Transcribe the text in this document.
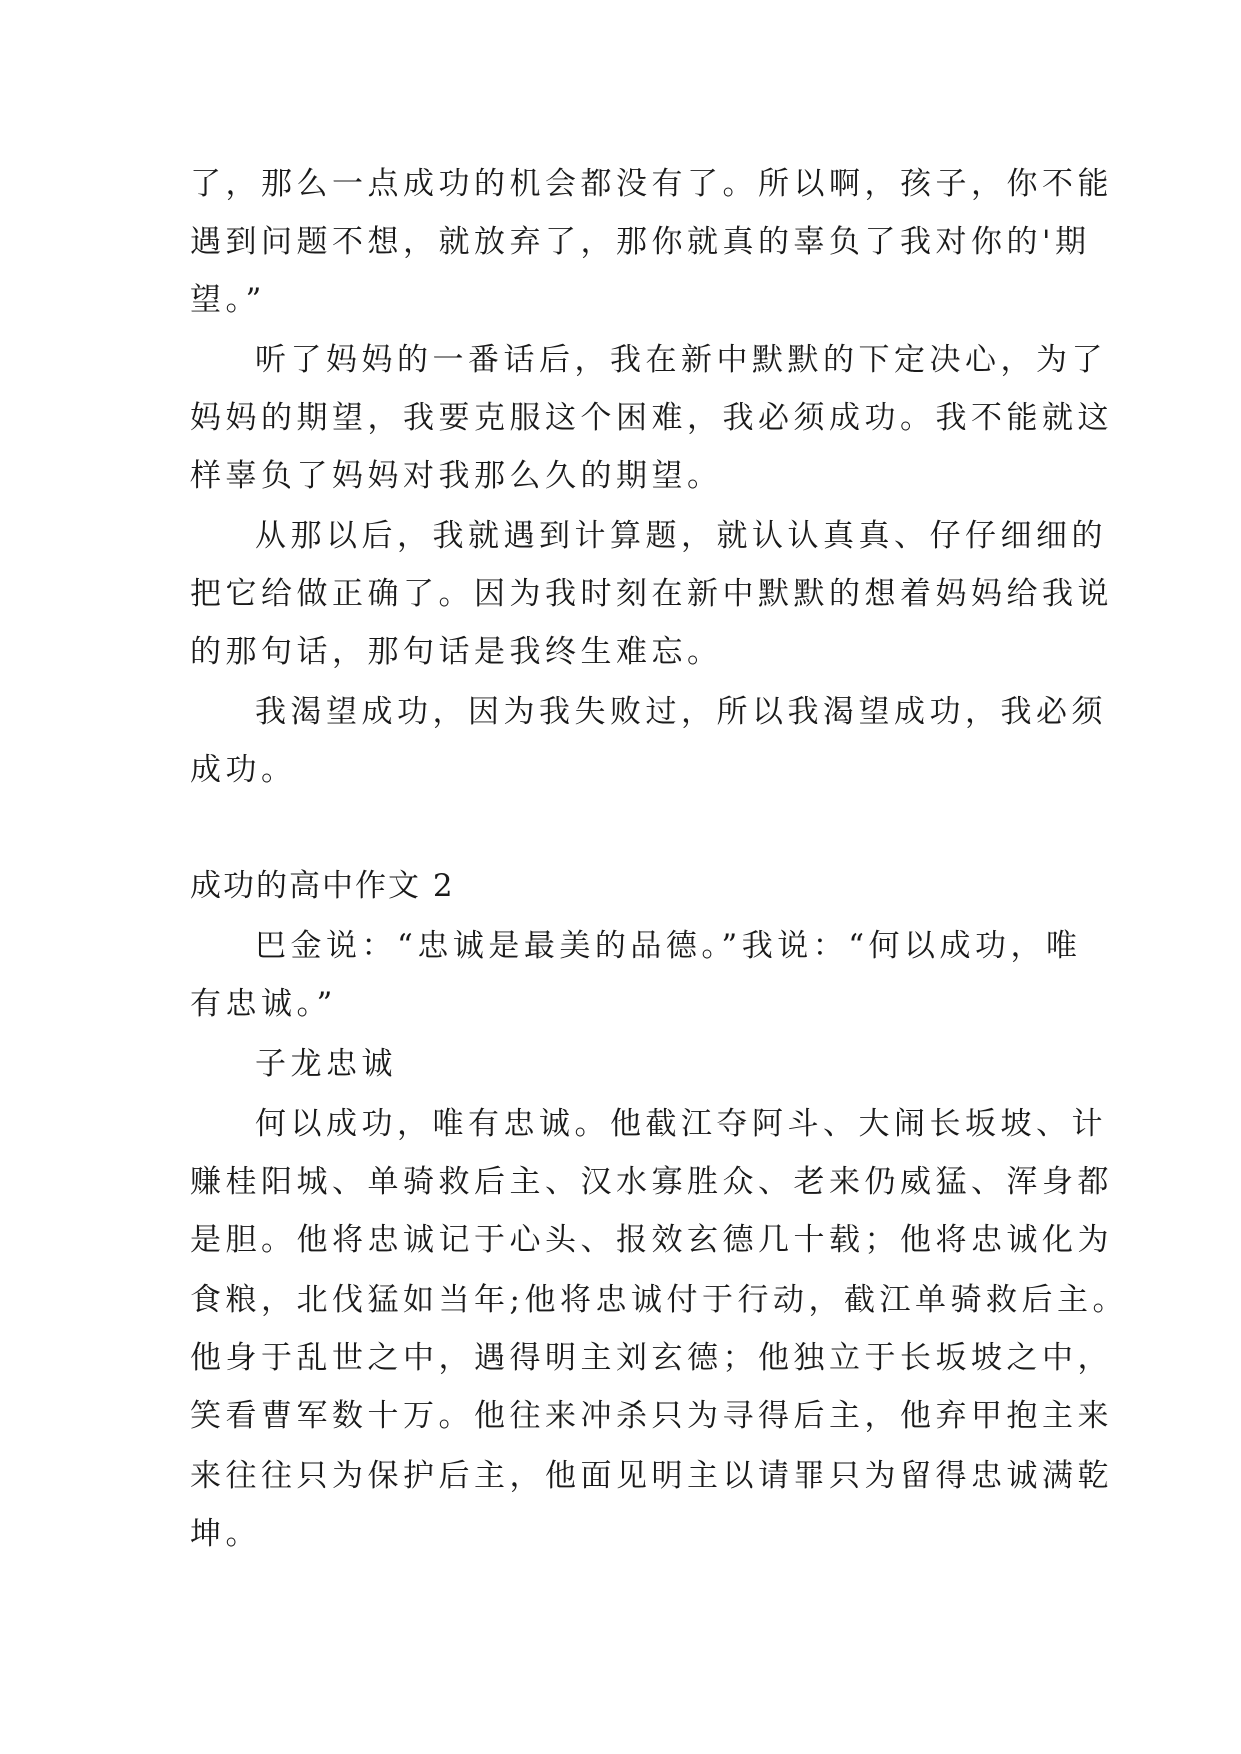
了，那么一点成功的机会都没有了。所以啊，孩子，你不能
遇到问题不想，就放弃了，那你就真的辜负了我对你的'期
望。”
听了妈妈的一番话后，我在新中默默的下定决心，为了
妈妈的期望，我要克服这个困难，我必须成功。我不能就这
样辜负了妈妈对我那么久的期望。
从那以后，我就遇到计算题，就认认真真、仔仔细细的
把它给做正确了。因为我时刻在新中默默的想着妈妈给我说
的那句话，那句话是我终生难忘。
我渴望成功，因为我失败过，所以我渴望成功，我必须
成功。
成功的高中作文 2
巴金说：“忠诚是最美的品德。”我说：“何以成功，唯
有忠诚。”
子龙忠诚
何以成功，唯有忠诚。他截江夺阿斗、大闹长坂坡、计
赚桂阳城、单骑救后主、汉水寡胜众、老来仍威猛、浑身都
是胆。他将忠诚记于心头、报效玄德几十载；他将忠诚化为
食粮，北伐猛如当年;他将忠诚付于行动，截江单骑救后主。
他身于乱世之中，遇得明主刘玄德；他独立于长坂坡之中，
笑看曹军数十万。他往来冲杀只为寻得后主，他弃甲抱主来
来往往只为保护后主，他面见明主以请罪只为留得忠诚满乾
坤。
